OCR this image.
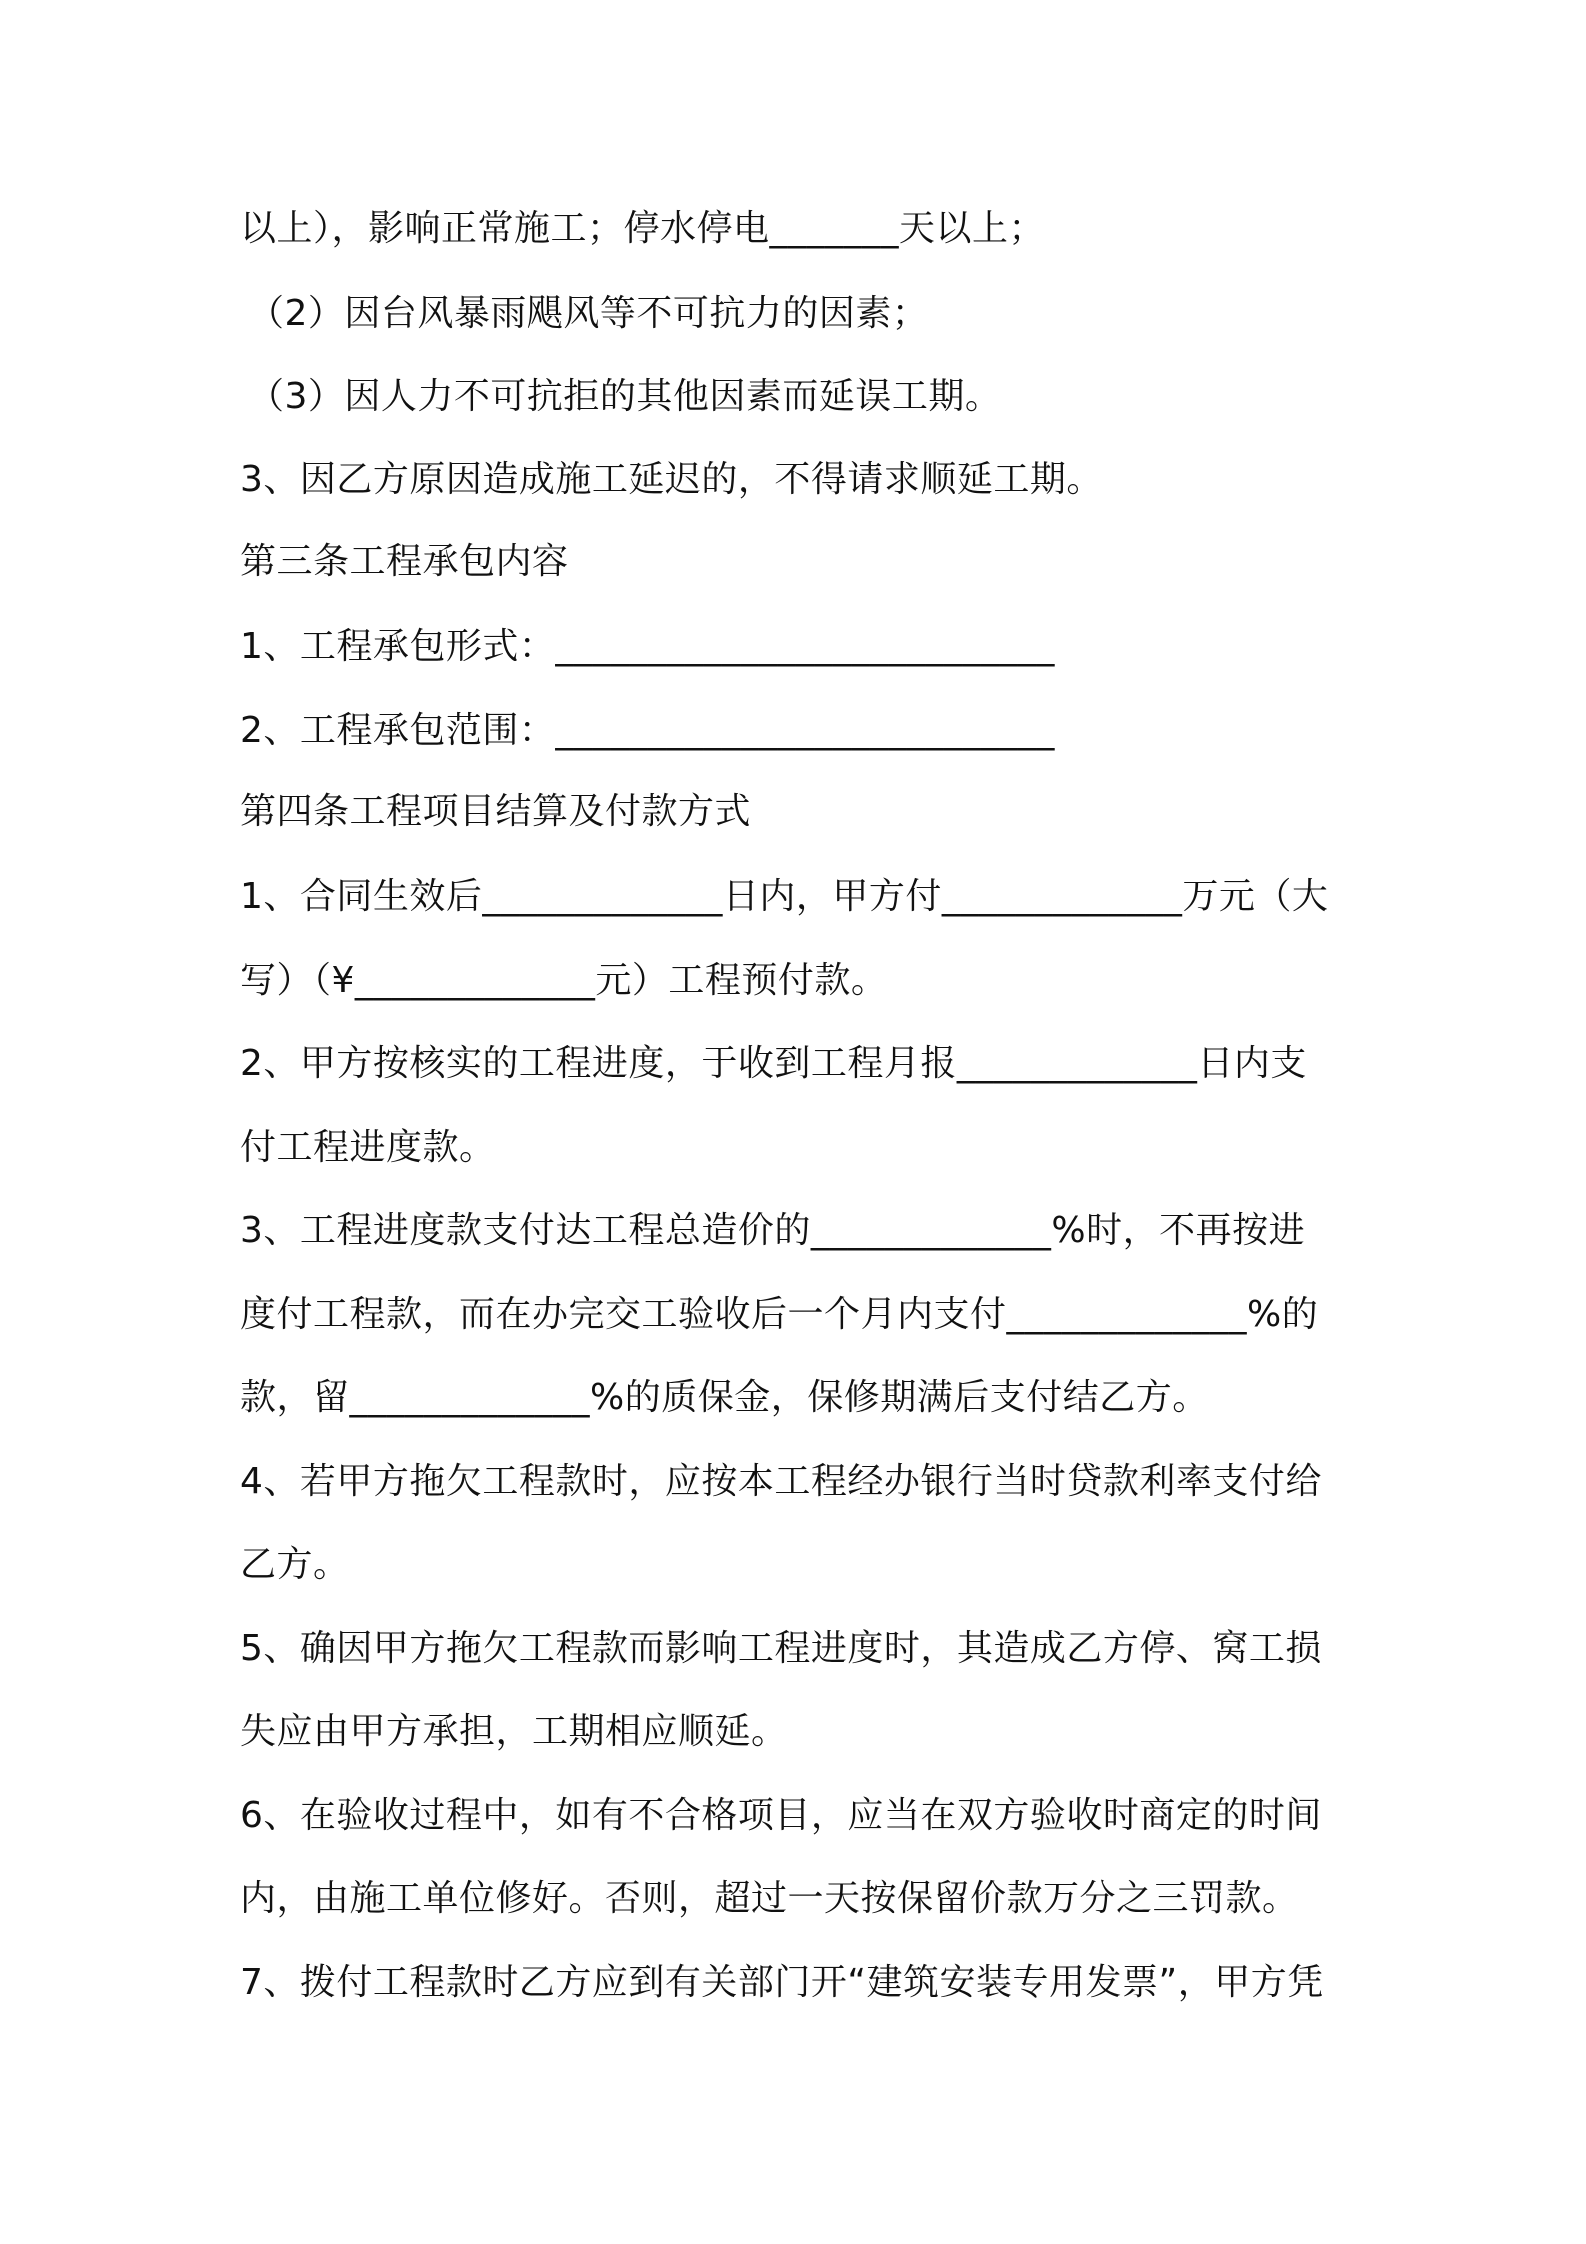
以上），影响正常施工；停水停电_______天以上；
（2）因台风暴雨飓风等不可抗力的因素；
（3）因人力不可抗拒的其他因素而延误工期。
3、因乙方原因造成施工延迟的，不得请求顺延工期。
第三条工程承包内容
1、工程承包形式：___________________________
2、工程承包范围：___________________________
第四条工程项目结算及付款方式
1、合同生效后_____________日内，甲方付_____________万元（大
写）（¥_____________元）工程预付款。
2、甲方按核实的工程进度，于收到工程月报_____________日内支
付工程进度款。
3、工程进度款支付达工程总造价的_____________%时，不再按进
度付工程款，而在办完交工验收后一个月内支付_____________%的
款，留_____________%的质保金，保修期满后支付结乙方。
4、若甲方拖欠工程款时，应按本工程经办银行当时贷款利率支付给
乙方。
5、确因甲方拖欠工程款而影响工程进度时，其造成乙方停、窝工损
失应由甲方承担，工期相应顺延。
6、在验收过程中，如有不合格项目，应当在双方验收时商定的时间
内，由施工单位修好。否则，超过一天按保留价款万分之三罚款。
7、拨付工程款时乙方应到有关部门开“建筑安装专用发票”，甲方凭
